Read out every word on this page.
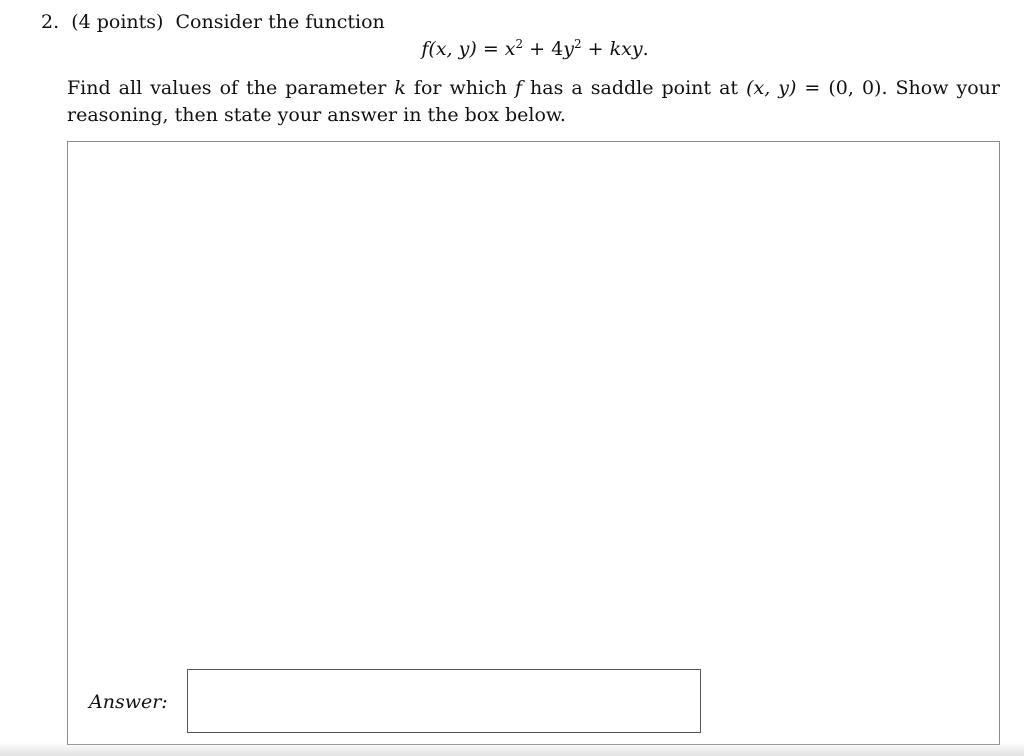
2. (4 points) Consider the function
f(x, $y) = x^2 + 4y^2$ + kxy.
Find all values of the parameter k for which f has a saddle point at (x, y) = (0, 0). Show your reasoning, then state your answer in the box below.
Answer:
